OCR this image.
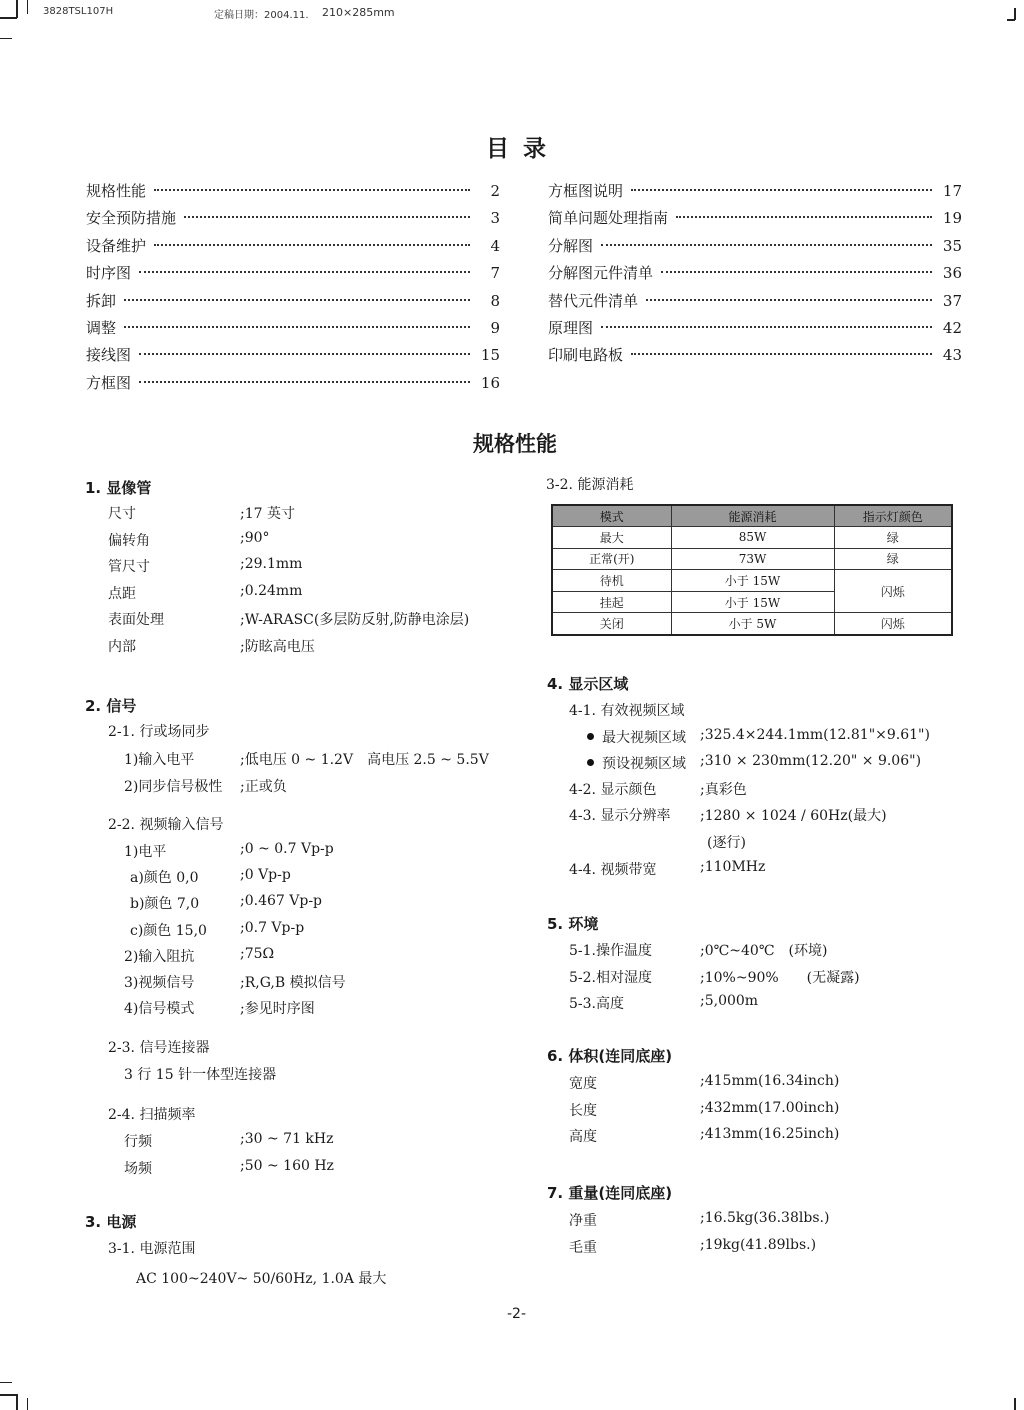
3828TSL107H	定稿日期：2004.11. 210×285mm
目录
规格性能	2
安全预防措施	3
设备维护	4
时序图	7
拆卸	8
调整	9
接线图	15
方框图	16
方框图说明	17
简单问题处理指南	19
分解图	35
分解图元件清单	36
替代元件清单	37
原理图	42
印刷电路板	43
规格性能
1. 显像管
尺寸	;17 英寸
偏转角	;90°
管尺寸	;29.1mm
点距	;0.24mm
表面处理	;W-ARASC(多层防反射,防静电涂层)
内部	;防眩高电压
2. 信号
2-1. 行或场同步
1)输入电平	;低电压 0 ~ 1.2V　高电压 2.5 ~ 5.5V
2)同步信号极性 ;正或负
2-2. 视频输入信号
1)电平	;0 ~ 0.7 Vp-p
a)颜色 0,0	;0 Vp-p
b)颜色 7,0	;0.467 Vp-p
c)颜色 15,0 ;0.7 Vp-p
2)输入阻抗	;75Ω
3)视频信号	;R,G,B 模拟信号
4)信号模式	;参见时序图
2-3. 信号连接器
3 行 15 针一体型连接器
2-4. 扫描频率
行频	;30 ~ 71 kHz
场频	;50 ~ 160 Hz
3. 电源
3-1. 电源范围
AC 100~240V~ 50/60Hz, 1.0A 最大
3-2. 能源消耗
模式	能源消耗	指示灯颜色
最大	85W	绿
正常(开)	73W	绿
待机	小于 15W	闪烁
挂起	小于 15W	
关闭	小于 5W	闪烁
4. 显示区域
4-1. 有效视频区域
最大视频区域 ;325.4×244.1mm(12.81"×9.61")
预设视频区域 ;310 × 230mm(12.20" × 9.06")
4-2. 显示颜色	;真彩色
4-3. 显示分辨率 ;1280 × 1024 / 60Hz(最大)
(逐行)
4-4. 视频带宽	;110MHz
5. 环境
5-1.操作温度	;0℃~40℃　(环境)
5-2.相对湿度	;10%~90%　　(无凝露)
5-3.高度	;5,000m
6. 体积(连同底座)
宽度	;415mm(16.34inch)
长度	;432mm(17.00inch)
高度	;413mm(16.25inch)
7. 重量(连同底座)
净重	;16.5kg(36.38lbs.)
毛重	;19kg(41.89lbs.)
-2-
